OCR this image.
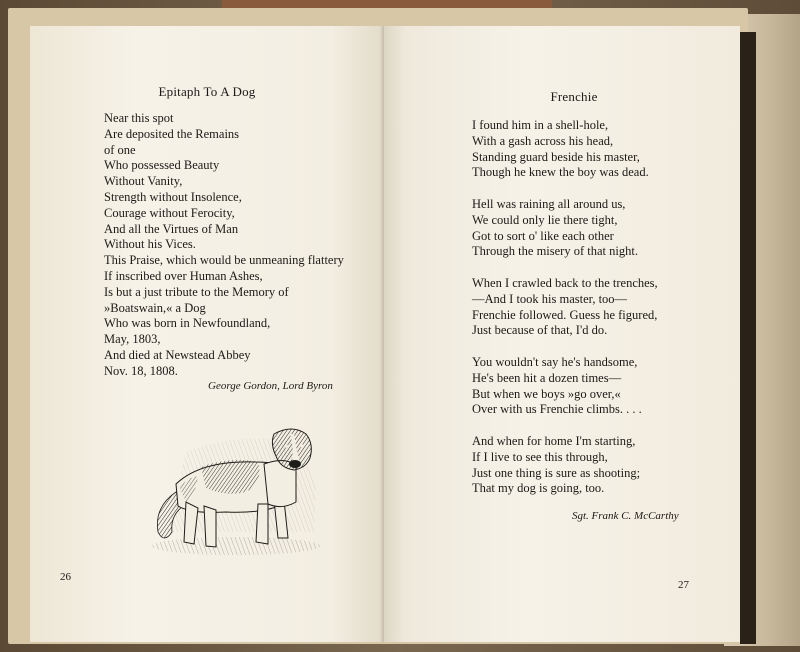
Epitaph To A Dog
Near this spot
Are deposited the Remains
of one
Who possessed Beauty
Without Vanity,
Strength without Insolence,
Courage without Ferocity,
And all the Virtues of Man
Without his Vices.
This Praise, which would be unmeaning flattery
If inscribed over Human Ashes,
Is but a just tribute to the Memory of
»Boatswain,« a Dog
Who was born in Newfoundland,
May, 1803,
And died at Newstead Abbey
Nov. 18, 1808.
George Gordon, Lord Byron
26
Frenchie
I found him in a shell-hole,
With a gash across his head,
Standing guard beside his master,
Though he knew the boy was dead.
Hell was raining all around us,
We could only lie there tight,
Got to sort o' like each other
Through the misery of that night.
When I crawled back to the trenches,
—And I took his master, too—
Frenchie followed. Guess he figured,
Just because of that, I'd do.
You wouldn't say he's handsome,
He's been hit a dozen times—
But when we boys »go over,«
Over with us Frenchie climbs. . . .
And when for home I'm starting,
If I live to see this through,
Just one thing is sure as shooting;
That my dog is going, too.
Sgt. Frank C. McCarthy
27
